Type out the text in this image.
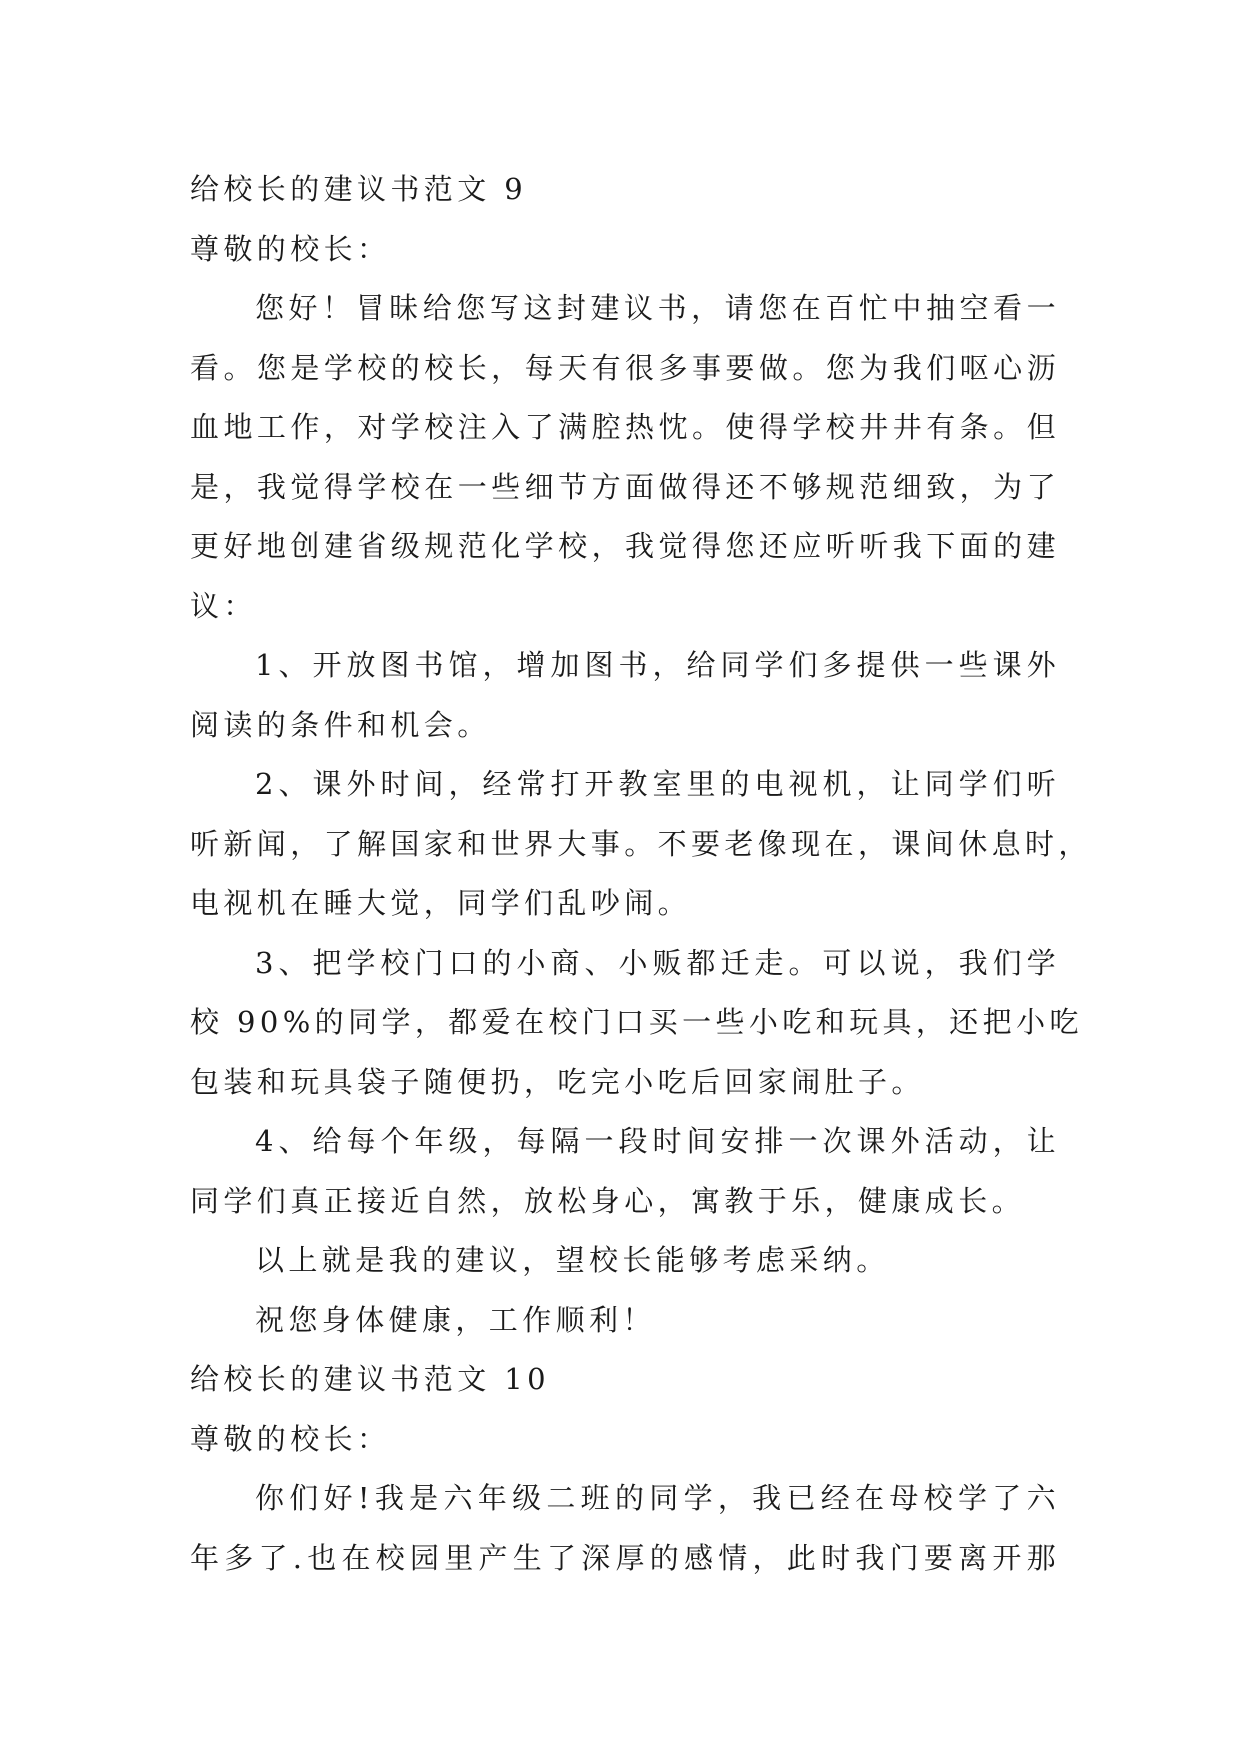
给校长的建议书范文 9
尊敬的校长：
您好！冒昧给您写这封建议书，请您在百忙中抽空看一
看。您是学校的校长，每天有很多事要做。您为我们呕心沥
血地工作，对学校注入了满腔热忱。使得学校井井有条。但
是，我觉得学校在一些细节方面做得还不够规范细致，为了
更好地创建省级规范化学校，我觉得您还应听听我下面的建
议：
1、开放图书馆，增加图书，给同学们多提供一些课外
阅读的条件和机会。
2、课外时间，经常打开教室里的电视机，让同学们听
听新闻，了解国家和世界大事。不要老像现在，课间休息时，
电视机在睡大觉，同学们乱吵闹。
3、把学校门口的小商、小贩都迁走。可以说，我们学
校 90%的同学，都爱在校门口买一些小吃和玩具，还把小吃
包装和玩具袋子随便扔，吃完小吃后回家闹肚子。
4、给每个年级，每隔一段时间安排一次课外活动，让
同学们真正接近自然，放松身心，寓教于乐，健康成长。
以上就是我的建议，望校长能够考虑采纳。
祝您身体健康，工作顺利！
给校长的建议书范文 10
尊敬的校长：
你们好!我是六年级二班的同学，我已经在母校学了六
年多了.也在校园里产生了深厚的感情，此时我门要离开那
